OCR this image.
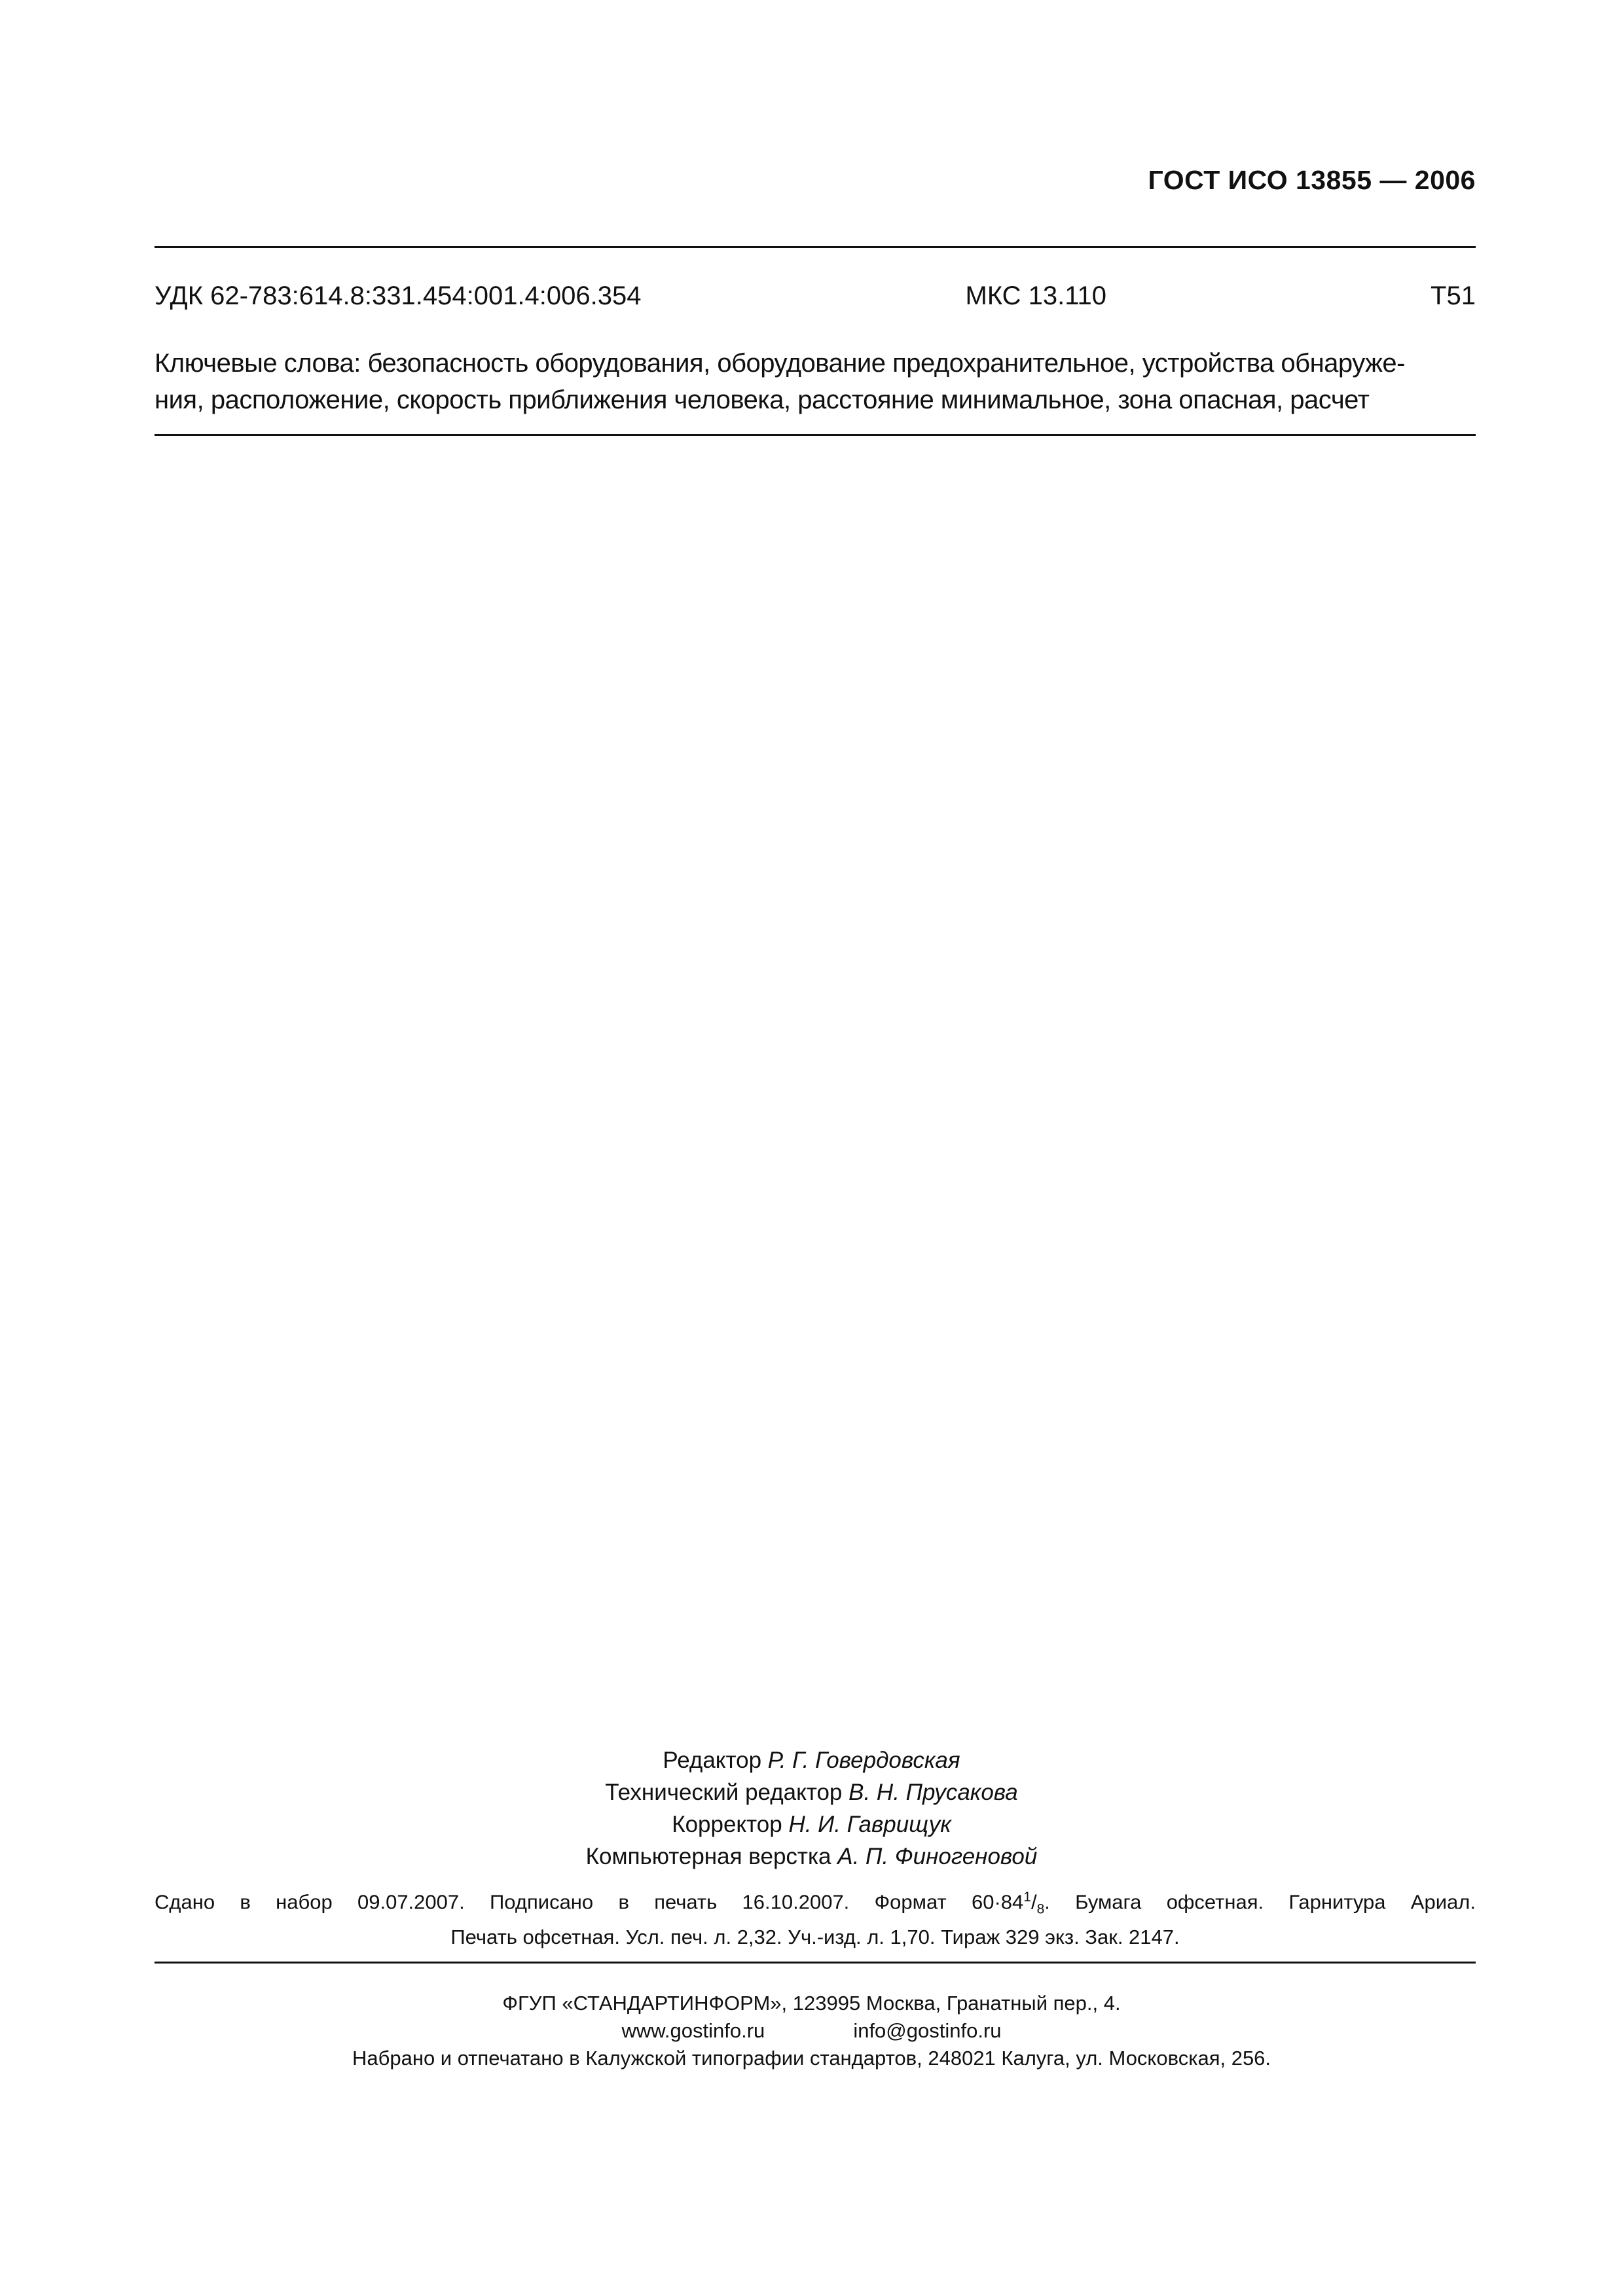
ГОСТ ИСО 13855 — 2006
УДК 62-783:614.8:331.454:001.4:006.354	МКС 13.110	Т51
Ключевые слова: безопасность оборудования, оборудование предохранительное, устройства обнаруже-
ния, расположение, скорость приближения человека, расстояние минимальное, зона опасная, расчет
Редактор Р. Г. Говердовская
Технический редактор В. Н. Прусакова
Корректор Н. И. Гаврищук
Компьютерная верстка А. П. Финогеновой
Сдано в набор 09.07.2007. Подписано в печать 16.10.2007. Формат $60\cdot 84^1/_8$. Бумага офсетная. Гарнитура Ариал.
Печать офсетная. Усл. печ. л. 2,32. Уч.-изд. л. 1,70. Тираж 329 экз. Зак. 2147.
ФГУП «СТАНДАРТИНФОРМ», 123995 Москва, Гранатный пер., 4.
www.gostinfo.ru	info@gostinfo.ru
Набрано и отпечатано в Калужской типографии стандартов, 248021 Калуга, ул. Московская, 256.
